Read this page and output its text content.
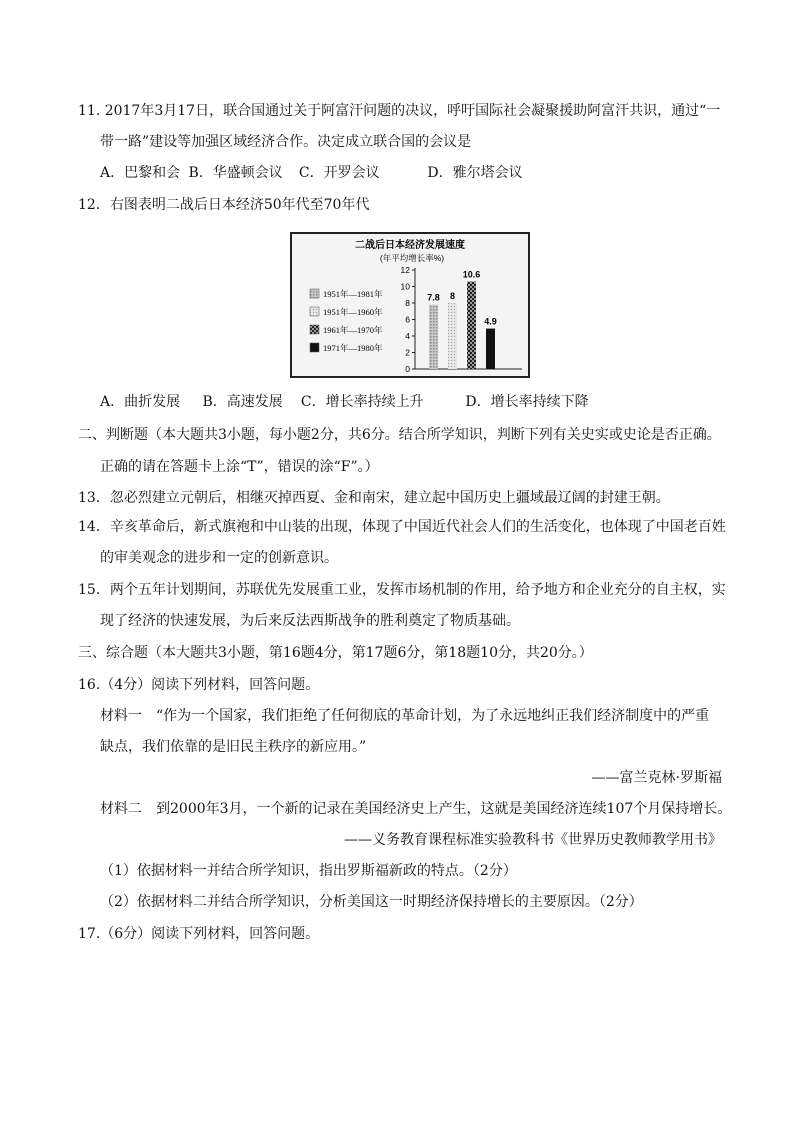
11. 2017年3月17日，联合国通过关于阿富汗问题的决议，呼吁国际社会凝聚援助阿富汗共识，通过“一
带一路”建设等加强区域经济合作。决定成立联合国的会议是
A．巴黎和会 B．华盛顿会议 C．开罗会议	D．雅尔塔会议
12．右图表明二战后日本经济50年代至70年代
二战后日本经济发展速度
(年平均增长率%)
0
2
4
6
8
10
12
1951年—1981年
1951年—1960年
1961年—1970年
1971年—1980年
7.8 8
10.6
4.9
A．曲折发展 B．高速发展 C．增长率持续上升	D．增长率持续下降
二、判断题（本大题共3小题，每小题2分，共6分。结合所学知识，判断下列有关史实或史论是否正确。
正确的请在答题卡上涂“T”，错误的涂“F”。）
13．忽必烈建立元朝后，相继灭掉西夏、金和南宋，建立起中国历史上疆域最辽阔的封建王朝。
14．辛亥革命后，新式旗袍和中山装的出现，体现了中国近代社会人们的生活变化，也体现了中国老百姓
的审美观念的进步和一定的创新意识。
15．两个五年计划期间，苏联优先发展重工业，发挥市场机制的作用，给予地方和企业充分的自主权，实
现了经济的快速发展，为后来反法西斯战争的胜利奠定了物质基础。
三、综合题（本大题共3小题，第16题4分，第17题6分，第18题10分，共20分。）
16.（4分）阅读下列材料，回答问题。
材料一　“作为一个国家，我们拒绝了任何彻底的革命计划，为了永远地纠正我们经济制度中的严重
缺点，我们依靠的是旧民主秩序的新应用。”
——富兰克林·罗斯福
材料二　到2000年3月，一个新的记录在美国经济史上产生，这就是美国经济连续107个月保持增长。
——义务教育课程标准实验教科书《世界历史教师教学用书》
（1）依据材料一并结合所学知识，指出罗斯福新政的特点。（2分）
（2）依据材料二并结合所学知识，分析美国这一时期经济保持增长的主要原因。（2分）
17.（6分）阅读下列材料，回答问题。
